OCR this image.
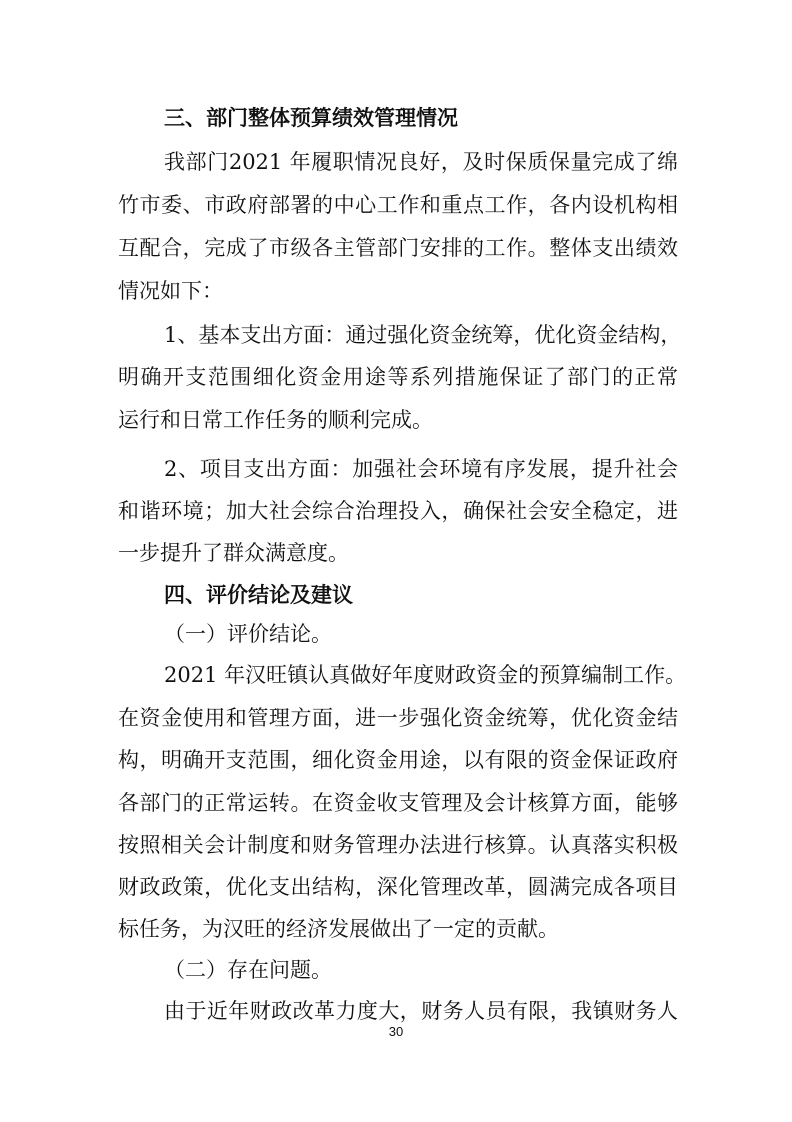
三、部门整体预算绩效管理情况
我部门2021 年履职情况良好，及时保质保量完成了绵
竹市委、市政府部署的中心工作和重点工作，各内设机构相
互配合，完成了市级各主管部门安排的工作。整体支出绩效
情况如下：
1、基本支出方面：通过强化资金统筹，优化资金结构，
明确开支范围细化资金用途等系列措施保证了部门的正常
运行和日常工作任务的顺利完成。
2、项目支出方面：加强社会环境有序发展，提升社会
和谐环境；加大社会综合治理投入，确保社会安全稳定，进
一步提升了群众满意度。
四、评价结论及建议
（一）评价结论。
2021 年汉旺镇认真做好年度财政资金的预算编制工作。
在资金使用和管理方面，进一步强化资金统筹，优化资金结
构，明确开支范围，细化资金用途，以有限的资金保证政府
各部门的正常运转。在资金收支管理及会计核算方面，能够
按照相关会计制度和财务管理办法进行核算。认真落实积极
财政政策，优化支出结构，深化管理改革，圆满完成各项目
标任务，为汉旺的经济发展做出了一定的贡献。
（二）存在问题。
由于近年财政改革力度大，财务人员有限，我镇财务人
30
